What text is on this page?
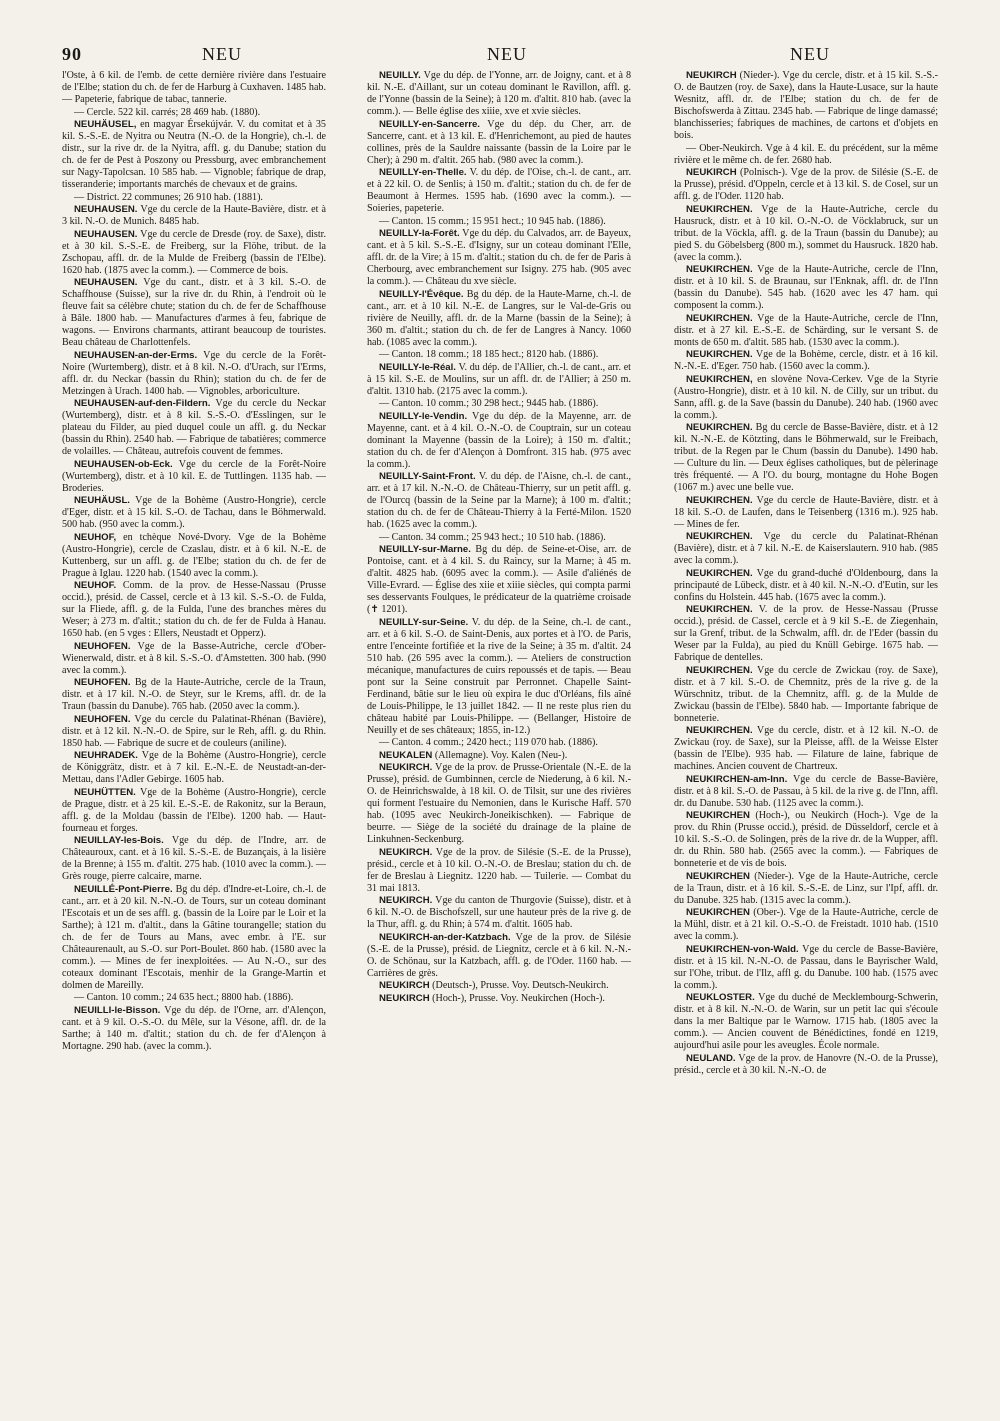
90	NEU	NEU	NEU

l'Oste, à 6 kil. de l'emb. de cette dernière rivière dans l'estuaire de l'Elbe; station du ch. de fer de Harburg à Cuxhaven. 1485 hab. — Papeterie, fabrique de tabac, tannerie.

— Cercle. 522 kil. carrés; 28 469 hab. (1880).

NEUHÄUSEL, en magyar Érsekújvár. V. du comitat et à 35 kil. S.-S.-E. de Nyitra ou Neutra (N.-O. de la Hongrie), ch.-l. de distr., sur la rive dr. de la Nyitra, affl. g. du Danube; station du ch. de fer de Pest à Poszony ou Pressburg, avec embranchement sur Nagy-Tapolcsan. 10 585 hab. — Vignoble; fabrique de drap, tisseranderie; importants marchés de chevaux et de grains.

— District. 22 communes; 26 910 hab. (1881).

NEUHAUSEN. Vge du cercle de la Haute-Bavière, distr. et à 3 kil. N.-O. de Munich. 8485 hab.

NEUHAUSEN. Vge du cercle de Dresde (roy. de Saxe), distr. et à 30 kil. S.-S.-E. de Freiberg, sur la Flöhe, tribut. de la Zschopau, affl. dr. de la Mulde de Freiberg (bassin de l'Elbe). 1620 hab. (1875 avec la comm.). — Commerce de bois.

NEUHAUSEN. Vge du cant., distr. et à 3 kil. S.-O. de Schaffhouse (Suisse), sur la rive dr. du Rhin, à l'endroit où le fleuve fait sa célèbre chute; station du ch. de fer de Schaffhouse à Bâle. 1800 hab. — Manufactures d'armes à feu, fabrique de wagons. — Environs charmants, attirant beaucoup de touristes. Beau château de Charlottenfels.

NEUHAUSEN-an-der-Erms. Vge du cercle de la Forêt-Noire (Wurtemberg), distr. et à 8 kil. N.-O. d'Urach, sur l'Erms, affl. dr. du Neckar (bassin du Rhin); station du ch. de fer de Metzingen à Urach. 1400 hab. — Vignobles, arboriculture.

NEUHAUSEN-auf-den-Fildern. Vge du cercle du Neckar (Wurtemberg), distr. et à 8 kil. S.-S.-O. d'Esslingen, sur le plateau du Filder, au pied duquel coule un affl. g. du Neckar (bassin du Rhin). 2540 hab. — Fabrique de tabatières; commerce de volailles. — Château, autrefois couvent de femmes.

NEUHAUSEN-ob-Eck. Vge du cercle de la Forêt-Noire (Wurtemberg), distr. et à 10 kil. E. de Tuttlingen. 1135 hab. — Broderies.

NEUHÄUSL. Vge de la Bohème (Austro-Hongrie), cercle d'Eger, distr. et à 15 kil. S.-O. de Tachau, dans le Böhmerwald. 500 hab. (950 avec la comm.).

NEUHOF, en tchèque Nové-Dvory. Vge de la Bohème (Austro-Hongrie), cercle de Czaslau, distr. et à 6 kil. N.-E. de Kuttenberg, sur un affl. g. de l'Elbe; station du ch. de fer de Prague à Iglau. 1220 hab. (1540 avec la comm.).

NEUHOF. Comm. de la prov. de Hesse-Nassau (Prusse occid.), présid. de Cassel, cercle et à 13 kil. S.-S.-O. de Fulda, sur la Fliede, affl. g. de la Fulda, l'une des branches mères du Weser; à 273 m. d'altit.; station du ch. de fer de Fulda à Hanau. 1650 hab. (en 5 vges : Ellers, Neustadt et Opperz).

NEUHOFEN. Vge de la Basse-Autriche, cercle d'Ober-Wienerwald, distr. et à 8 kil. S.-S.-O. d'Amstetten. 300 hab. (990 avec la comm.).

NEUHOFEN. Bg de la Haute-Autriche, cercle de la Traun, distr. et à 17 kil. N.-O. de Steyr, sur le Krems, affl. dr. de la Traun (bassin du Danube). 765 hab. (2050 avec la comm.).

NEUHOFEN. Vge du cercle du Palatinat-Rhénan (Bavière), distr. et à 12 kil. N.-N.-O. de Spire, sur le Reh, affl. g. du Rhin. 1850 hab. — Fabrique de sucre et de couleurs (aniline).

NEUHRADEK. Vge de la Bohème (Austro-Hongrie), cercle de Königgrätz, distr. et à 7 kil. E.-N.-E. de Neustadt-an-der-Mettau, dans l'Adler Gebirge. 1605 hab.

NEUHÜTTEN. Vge de la Bohème (Austro-Hongrie), cercle de Prague, distr. et à 25 kil. E.-S.-E. de Rakonitz, sur la Beraun, affl. g. de la Moldau (bassin de l'Elbe). 1200 hab. — Haut-fourneau et forges.

NEUILLAY-les-Bois. Vge du dép. de l'Indre, arr. de Châteauroux, cant. et à 16 kil. S.-S.-E. de Buzançais, à la lisière de la Brenne; à 155 m. d'altit. 275 hab. (1010 avec la comm.). — Grès rouge, pierre calcaire, marne.

NEUILLÉ-Pont-Pierre. Bg du dép. d'Indre-et-Loire, ch.-l. de cant., arr. et à 20 kil. N.-N.-O. de Tours, sur un coteau dominant l'Escotais et un de ses affl. g. (bassin de la Loire par le Loir et la Sarthe); à 121 m. d'altit., dans la Gâtine tourangelle; station du ch. de fer de Tours au Mans, avec embr. à l'E. sur Châteaurenault, au S.-O. sur Port-Boulet. 860 hab. (1580 avec la comm.). — Mines de fer inexploitées. — Au N.-O., sur des coteaux dominant l'Escotais, menhir de la Grange-Martin et dolmen de Mareilly.

— Canton. 10 comm.; 24 635 hect.; 8800 hab. (1886).

NEUILLI-le-Bisson. Vge du dép. de l'Orne, arr. d'Alençon, cant. et à 9 kil. O.-S.-O. du Mêle, sur la Vésone, affl. dr. de la Sarthe; à 140 m. d'altit.; station du ch. de fer d'Alençon à Mortagne. 290 hab. (avec la comm.).

NEUILLY. Vge du dép. de l'Yonne, arr. de Joigny, cant. et à 8 kil. N.-E. d'Aillant, sur un coteau dominant le Ravillon, affl. g. de l'Yonne (bassin de la Seine); à 120 m. d'altit. 810 hab. (avec la comm.). — Belle église des xiiie, xve et xvie siècles.

NEUILLY-en-Sancerre. Vge du dép. du Cher, arr. de Sancerre, cant. et à 13 kil. E. d'Henrichemont, au pied de hautes collines, près de la Sauldre naissante (bassin de la Loire par le Cher); à 290 m. d'altit. 265 hab. (980 avec la comm.).

NEUILLY-en-Thelle. V. du dép. de l'Oise, ch.-l. de cant., arr. et à 22 kil. O. de Senlis; à 150 m. d'altit.; station du ch. de fer de Beaumont à Hermes. 1595 hab. (1690 avec la comm.). — Soieries, papeterie.

— Canton. 15 comm.; 15 951 hect.; 10 945 hab. (1886).

NEUILLY-la-Forêt. Vge du dép. du Calvados, arr. de Bayeux, cant. et à 5 kil. S.-S.-E. d'Isigny, sur un coteau dominant l'Elle, affl. dr. de la Vire; à 15 m. d'altit.; station du ch. de fer de Paris à Cherbourg, avec embranchement sur Isigny. 275 hab. (905 avec la comm.). — Château du xve siècle.

NEUILLY-l'Évêque. Bg du dép. de la Haute-Marne, ch.-l. de cant., arr. et à 10 kil. N.-E. de Langres, sur le Val-de-Gris ou rivière de Neuilly, affl. dr. de la Marne (bassin de la Seine); à 360 m. d'altit.; station du ch. de fer de Langres à Nancy. 1060 hab. (1085 avec la comm.).

— Canton. 18 comm.; 18 185 hect.; 8120 hab. (1886).

NEUILLY-le-Réal. V. du dép. de l'Allier, ch.-l. de cant., arr. et à 15 kil. S.-E. de Moulins, sur un affl. dr. de l'Allier; à 250 m. d'altit. 1310 hab. (2175 avec la comm.).

— Canton. 10 comm.; 30 298 hect.; 9445 hab. (1886).

NEUILLY-le-Vendin. Vge du dép. de la Mayenne, arr. de Mayenne, cant. et à 4 kil. O.-N.-O. de Couptrain, sur un coteau dominant la Mayenne (bassin de la Loire); à 150 m. d'altit.; station du ch. de fer d'Alençon à Domfront. 315 hab. (975 avec la comm.).

NEUILLY-Saint-Front. V. du dép. de l'Aisne, ch.-l. de cant., arr. et à 17 kil. N.-N.-O. de Château-Thierry, sur un petit affl. g. de l'Ourcq (bassin de la Seine par la Marne); à 100 m. d'altit.; station du ch. de fer de Château-Thierry à la Ferté-Milon. 1520 hab. (1625 avec la comm.).

— Canton. 34 comm.; 25 943 hect.; 10 510 hab. (1886).

NEUILLY-sur-Marne. Bg du dép. de Seine-et-Oise, arr. de Pontoise, cant. et à 4 kil. S. du Raincy, sur la Marne; à 45 m. d'altit. 4825 hab. (6095 avec la comm.). — Asile d'aliénés de Ville-Evrard. — Église des xiie et xiiie siècles, qui compta parmi ses desservants Foulques, le prédicateur de la quatrième croisade (✝ 1201).

NEUILLY-sur-Seine. V. du dép. de la Seine, ch.-l. de cant., arr. et à 6 kil. S.-O. de Saint-Denis, aux portes et à l'O. de Paris, entre l'enceinte fortifiée et la rive de la Seine; à 35 m. d'altit. 24 510 hab. (26 595 avec la comm.). — Ateliers de construction mécanique, manufactures de cuirs repoussés et de tapis. — Beau pont sur la Seine construit par Perronnet. Chapelle Saint-Ferdinand, bâtie sur le lieu où expira le duc d'Orléans, fils aîné de Louis-Philippe, le 13 juillet 1842. — Il ne reste plus rien du château habité par Louis-Philippe. — (Bellanger, Histoire de Neuilly et de ses châteaux; 1855, in-12.)

— Canton. 4 comm.; 2420 hect.; 119 070 hab. (1886).

NEUKALEN (Allemagne). Voy. Kalen (Neu-).

NEUKIRCH. Vge de la prov. de Prusse-Orientale (N.-E. de la Prusse), présid. de Gumbinnen, cercle de Niederung, à 6 kil. N.-O. de Heinrichswalde, à 18 kil. O. de Tilsit, sur une des rivières qui forment l'estuaire du Nemonien, dans le Kurische Haff. 570 hab. (1095 avec Neukirch-Joneikischken). — Fabrique de beurre. — Siège de la société du drainage de la plaine de Linkuhnen-Seckenburg.

NEUKIRCH. Vge de la prov. de Silésie (S.-E. de la Prusse), présid., cercle et à 10 kil. O.-N.-O. de Breslau; station du ch. de fer de Breslau à Liegnitz. 1220 hab. — Tuilerie. — Combat du 31 mai 1813.

NEUKIRCH. Vge du canton de Thurgovie (Suisse), distr. et à 6 kil. N.-O. de Bischofszell, sur une hauteur près de la rive g. de la Thur, affl. g. du Rhin; à 574 m. d'altit. 1605 hab.

NEUKIRCH-an-der-Katzbach. Vge de la prov. de Silésie (S.-E. de la Prusse), présid. de Liegnitz, cercle et à 6 kil. N.-N.-O. de Schönau, sur la Katzbach, affl. g. de l'Oder. 1160 hab. — Carrières de grès.

NEUKIRCH (Deutsch-), Prusse. Voy. Deutsch-Neukirch.

NEUKIRCH (Hoch-), Prusse. Voy. Neukirchen (Hoch-).

NEUKIRCH (Nieder-). Vge du cercle, distr. et à 15 kil. S.-S.-O. de Bautzen (roy. de Saxe), dans la Haute-Lusace, sur la haute Wesnitz, affl. dr. de l'Elbe; station du ch. de fer de Bischofswerda à Zittau. 2345 hab. — Fabrique de linge damassé; blanchisseries; fabriques de machines, de cartons et d'objets en bois.

— Ober-Neukirch. Vge à 4 kil. E. du précédent, sur la même rivière et le même ch. de fer. 2680 hab.

NEUKIRCH (Polnisch-). Vge de la prov. de Silésie (S.-E. de la Prusse), présid. d'Oppeln, cercle et à 13 kil. S. de Cosel, sur un affl. g. de l'Oder. 1120 hab.

NEUKIRCHEN. Vge de la Haute-Autriche, cercle du Hausruck, distr. et à 10 kil. O.-N.-O. de Vöcklabruck, sur un tribut. de la Vöckla, affl. g. de la Traun (bassin du Danube); au pied S. du Göbelsberg (800 m.), sommet du Hausruck. 1820 hab. (avec la comm.).

NEUKIRCHEN. Vge de la Haute-Autriche, cercle de l'Inn, distr. et à 10 kil. S. de Braunau, sur l'Enknak, affl. dr. de l'Inn (bassin du Danube). 545 hab. (1620 avec les 47 ham. qui composent la comm.).

NEUKIRCHEN. Vge de la Haute-Autriche, cercle de l'Inn, distr. et à 27 kil. E.-S.-E. de Schärding, sur le versant S. de monts de 650 m. d'altit. 585 hab. (1530 avec la comm.).

NEUKIRCHEN. Vge de la Bohème, cercle, distr. et à 16 kil. N.-N.-E. d'Eger. 750 hab. (1560 avec la comm.).

NEUKIRCHEN, en slovène Nova-Cerkev. Vge de la Styrie (Austro-Hongrie), distr. et à 10 kil. N. de Cilly, sur un tribut. du Sann, affl. g. de la Save (bassin du Danube). 240 hab. (1960 avec la comm.).

NEUKIRCHEN. Bg du cercle de Basse-Bavière, distr. et à 12 kil. N.-N.-E. de Kötzting, dans le Böhmerwald, sur le Freibach, tribut. de la Regen par le Chum (bassin du Danube). 1490 hab. — Culture du lin. — Deux églises catholiques, but de pèlerinage très fréquenté. — A l'O. du bourg, montagne du Hohe Bogen (1067 m.) avec une belle vue.

NEUKIRCHEN. Vge du cercle de Haute-Bavière, distr. et à 18 kil. S.-O. de Laufen, dans le Teisenberg (1316 m.). 925 hab. — Mines de fer.

NEUKIRCHEN. Vge du cercle du Palatinat-Rhénan (Bavière), distr. et à 7 kil. N.-E. de Kaiserslautern. 910 hab. (985 avec la comm.).

NEUKIRCHEN. Vge du grand-duché d'Oldenbourg, dans la principauté de Lübeck, distr. et à 40 kil. N.-N.-O. d'Eutin, sur les confins du Holstein. 445 hab. (1675 avec la comm.).

NEUKIRCHEN. V. de la prov. de Hesse-Nassau (Prusse occid.), présid. de Cassel, cercle et à 9 kil S.-E. de Ziegenhain, sur la Grenf, tribut. de la Schwalm, affl. dr. de l'Eder (bassin du Weser par la Fulda), au pied du Knüll Gebirge. 1675 hab. — Fabrique de dentelles.

NEUKIRCHEN. Vge du cercle de Zwickau (roy. de Saxe), distr. et à 7 kil. S.-O. de Chemnitz, près de la rive g. de la Würschnitz, tribut. de la Chemnitz, affl. g. de la Mulde de Zwickau (bassin de l'Elbe). 5840 hab. — Importante fabrique de bonneterie.

NEUKIRCHEN. Vge du cercle, distr. et à 12 kil. N.-O. de Zwickau (roy. de Saxe), sur la Pleisse, affl. de la Weisse Elster (bassin de l'Elbe). 935 hab. — Filature de laine, fabrique de machines. Ancien couvent de Chartreux.

NEUKIRCHEN-am-Inn. Vge du cercle de Basse-Bavière, distr. et à 8 kil. S.-O. de Passau, à 5 kil. de la rive g. de l'Inn, affl. dr. du Danube. 530 hab. (1125 avec la comm.).

NEUKIRCHEN (Hoch-), ou Neukirch (Hoch-). Vge de la prov. du Rhin (Prusse occid.), présid. de Düsseldorf, cercle et à 10 kil. S.-S.-O. de Solingen, près de la rive dr. de la Wupper, affl. dr. du Rhin. 580 hab. (2565 avec la comm.). — Fabriques de bonneterie et de vis de bois.

NEUKIRCHEN (Nieder-). Vge de la Haute-Autriche, cercle de la Traun, distr. et à 16 kil. S.-S.-E. de Linz, sur l'Ipf, affl. dr. du Danube. 325 hab. (1315 avec la comm.).

NEUKIRCHEN (Ober-). Vge de la Haute-Autriche, cercle de la Mühl, distr. et à 21 kil. O.-S.-O. de Freistadt. 1010 hab. (1510 avec la comm.).

NEUKIRCHEN-von-Wald. Vge du cercle de Basse-Bavière, distr. et à 15 kil. N.-N.-O. de Passau, dans le Bayrischer Wald, sur l'Ohe, tribut. de l'Ilz, affl g. du Danube. 100 hab. (1575 avec la comm.).

NEUKLOSTER. Vge du duché de Mecklembourg-Schwerin, distr. et à 8 kil. N.-N.-O. de Warin, sur un petit lac qui s'écoule dans la mer Baltique par le Warnow. 1715 hab. (1805 avec la comm.). — Ancien couvent de Bénédictines, fondé en 1219, aujourd'hui asile pour les aveugles. École normale.

NEULAND. Vge de la prov. de Hanovre (N.-O. de la Prusse), présid., cercle et à 30 kil. N.-N.-O. de
